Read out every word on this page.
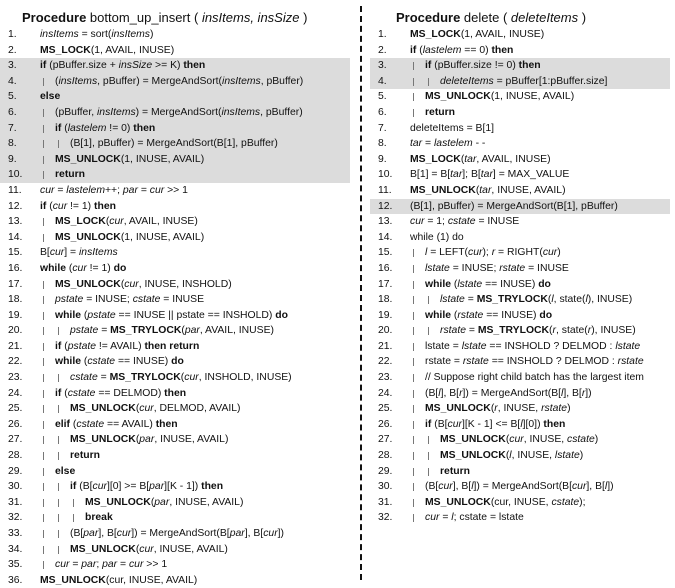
Procedure bottom_up_insert ( insItems, insSize )
1. insItems = sort(insItems)
2. MS_LOCK(1, AVAIL, INUSE)
3. if (pBuffer.size + insSize >= K) then
4.	(insItems, pBuffer) = MergeAndSort(insItems, pBuffer)
5. else
6.	(pBuffer, insItems) = MergeAndSort(insItems, pBuffer)
7.	if (lastelem != 0) then
8.	(B[1], pBuffer) = MergeAndSort(B[1], pBuffer)
9.	MS_UNLOCK(1, INUSE, AVAIL)
10.	return
11. cur = lastelem++; par = cur >> 1
12. if (cur != 1) then
13.	MS_LOCK(cur, AVAIL, INUSE)
14.	MS_UNLOCK(1, INUSE, AVAIL)
15. B[cur] = insItems
16. while (cur != 1) do
17.	MS_UNLOCK(cur, INUSE, INSHOLD)
18.	pstate = INUSE; cstate = INUSE
19.	while (pstate == INUSE || pstate == INSHOLD) do
20.	pstate = MS_TRYLOCK(par, AVAIL, INUSE)
21.	if (pstate != AVAIL) then return
22.	while (cstate == INUSE) do
23.	cstate = MS_TRYLOCK(cur, INSHOLD, INUSE)
24.	if (cstate == DELMOD) then
25.	MS_UNLOCK(cur, DELMOD, AVAIL)
26.	elif (cstate == AVAIL) then
27.	MS_UNLOCK(par, INUSE, AVAIL)
28.	return
29.	else
30.	if (B[cur][0] >= B[par][K - 1]) then
31.	MS_UNLOCK(par, INUSE, AVAIL)
32.	break
33.	(B[par], B[cur]) = MergeAndSort(B[par], B[cur])
34.	MS_UNLOCK(cur, INUSE, AVAIL)
35.	cur = par; par = cur >> 1
36. MS_UNLOCK(cur, INUSE, AVAIL)
Procedure delete ( deleteItems )
1. MS_LOCK(1, AVAIL, INUSE)
2. if (lastelem == 0) then
3.	if (pBuffer.size != 0) then
4.	deleteItems = pBuffer[1:pBuffer.size]
5.	MS_UNLOCK(1, INUSE, AVAIL)
6.	return
7. deleteItems = B[1]
8. tar = lastelem - -
9. MS_LOCK(tar, AVAIL, INUSE)
10. B[1] = B[tar]; B[tar] = MAX_VALUE
11. MS_UNLOCK(tar, INUSE, AVAIL)
12. (B[1], pBuffer) = MergeAndSort(B[1], pBuffer)
13. cur = 1; cstate = INUSE
14. while (1) do
15.	l = LEFT(cur); r = RIGHT(cur)
16.	lstate = INUSE; rstate = INUSE
17.	while (lstate == INUSE) do
18.	lstate = MS_TRYLOCK(l, state(l), INUSE)
19.	while (rstate == INUSE) do
20.	rstate = MS_TRYLOCK(r, state(r), INUSE)
21.	lstate = lstate == INSHOLD ? DELMOD : lstate
22.	rstate = rstate == INSHOLD ? DELMOD : rstate
23.	// Suppose right child batch has the largest item
24.	(B[l], B[r]) = MergeAndSort(B[l], B[r])
25.	MS_UNLOCK(r, INUSE, rstate)
26.	if (B[cur][K - 1] <= B[l][0]) then
27.	MS_UNLOCK(cur, INUSE, cstate)
28.	MS_UNLOCK(l, INUSE, lstate)
29.	return
30.	(B[cur], B[l]) = MergeAndSort(B[cur], B[l])
31.	MS_UNLOCK(cur, INUSE, cstate);
32.	cur = l; cstate = lstate
